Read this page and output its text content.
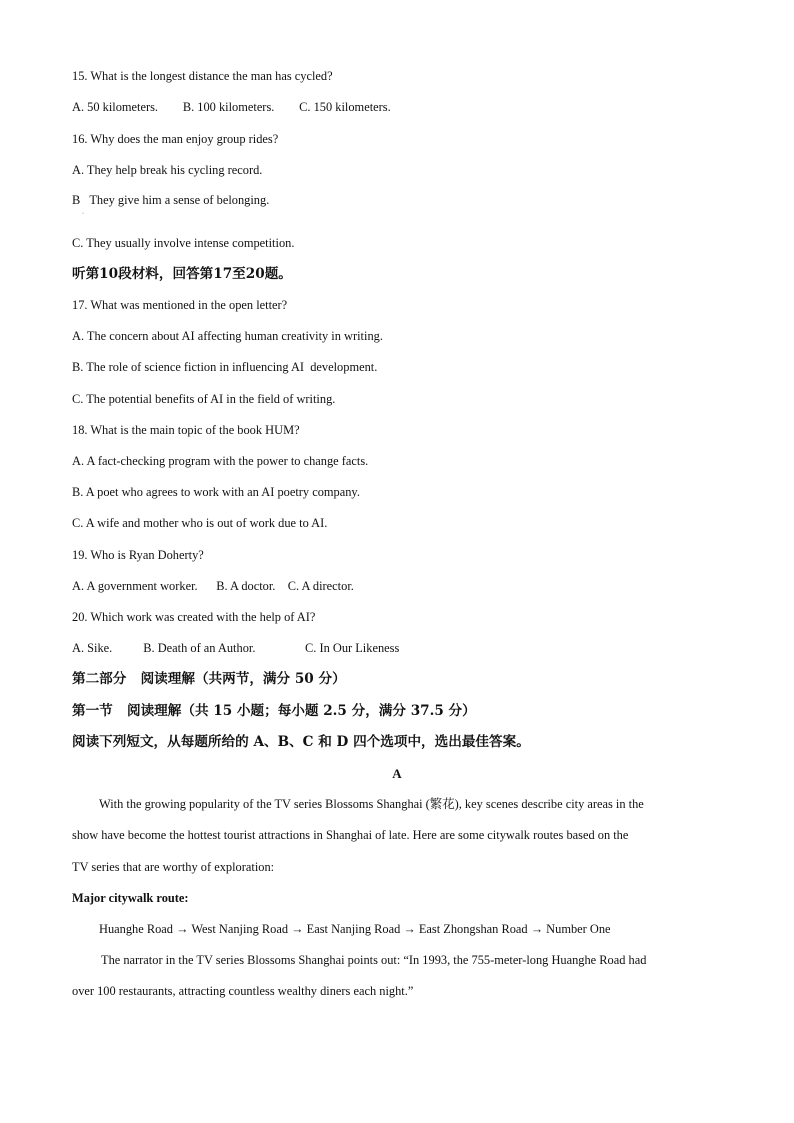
15. What is the longest distance the man has cycled?
A. 50 kilometers.        B. 100 kilometers.        C. 150 kilometers.
16. Why does the man enjoy group rides?
A. They help break his cycling record.
B   They give him a sense of belonging.
·
C. They usually involve intense competition.
听第10段材料，回答第17至20题。
17. What was mentioned in the open letter?
A. The concern about AI affecting human creativity in writing.
B. The role of science fiction in influencing AI  development.
C. The potential benefits of AI in the field of writing.
18. What is the main topic of the book HUM?
A. A fact-checking program with the power to change facts.
B. A poet who agrees to work with an AI poetry company.
C. A wife and mother who is out of work due to AI.
19. Who is Ryan Doherty?
A. A government worker.      B. A doctor.    C. A director.
20. Which work was created with the help of AI?
A. Sike.          B. Death of an Author.                C. In Our Likeness
第二部分   阅读理解（共两节，满分 50 分）
第一节   阅读理解（共 15 小题；每小题 2.5 分，满分 37.5 分）
阅读下列短文，从每题所给的 A、B、C 和 D 四个选项中，选出最佳答案。
A
With the growing popularity of the TV series Blossoms Shanghai (繁花), key scenes describe city areas in the
show have become the hottest tourist attractions in Shanghai of late. Here are some citywalk routes based on the
TV series that are worthy of exploration:
Major citywalk route:
Huanghe Road → West Nanjing Road → East Nanjing Road → East Zhongshan Road → Number One
The narrator in the TV series Blossoms Shanghai points out: “In 1993, the 755-meter-long Huanghe Road had
over 100 restaurants, attracting countless wealthy diners each night.”
